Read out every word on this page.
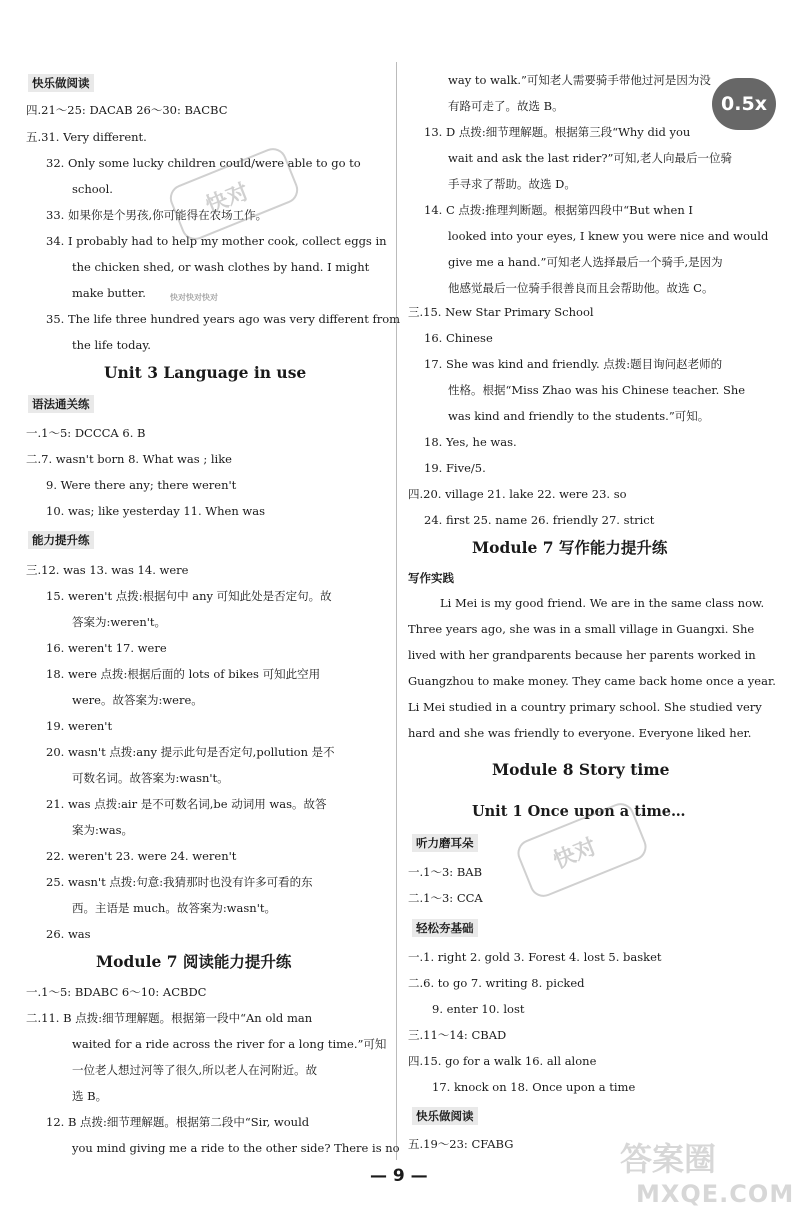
快乐做阅读
四.21～25: DACAB 26～30: BACBC
五.31. Very different.
32. Only some lucky children could/were able to go to
school.
33. 如果你是个男孩,你可能得在农场工作。
34. I probably had to help my mother cook, collect eggs in
the chicken shed, or wash clothes by hand. I might
make butter.
35. The life three hundred years ago was very different from
the life today.
Unit 3 Language in use
语法通关练
一.1～5: DCCCA 6. B
二.7. wasn't born 8. What was ; like
9. Were there any; there weren't
10. was; like yesterday 11. When was
能力提升练
三.12. was 13. was 14. were
15. weren't 点拨:根据句中 any 可知此处是否定句。故
答案为:weren't。
16. weren't 17. were
18. were 点拨:根据后面的 lots of bikes 可知此空用
were。故答案为:were。
19. weren't
20. wasn't 点拨:any 提示此句是否定句,pollution 是不
可数名词。故答案为:wasn't。
21. was 点拨:air 是不可数名词,be 动词用 was。故答
案为:was。
22. weren't 23. were 24. weren't
25. wasn't 点拨:句意:我猜那时也没有许多可看的东
西。主语是 much。故答案为:wasn't。
26. was
Module 7 阅读能力提升练
一.1～5: BDABC 6～10: ACBDC
二.11. B 点拨:细节理解题。根据第一段中“An old man
waited for a ride across the river for a long time.”可知
一位老人想过河等了很久,所以老人在河附近。故
选 B。
12. B 点拨:细节理解题。根据第二段中“Sir, would
you mind giving me a ride to the other side? There is no
way to walk.”可知老人需要骑手带他过河是因为没
有路可走了。故选 B。
13. D 点拨:细节理解题。根据第三段“Why did you
wait and ask the last rider?”可知,老人向最后一位骑
手寻求了帮助。故选 D。
14. C 点拨:推理判断题。根据第四段中“But when I
looked into your eyes, I knew you were nice and would
give me a hand.”可知老人选择最后一个骑手,是因为
他感觉最后一位骑手很善良而且会帮助他。故选 C。
三.15. New Star Primary School
16. Chinese
17. She was kind and friendly. 点拨:题目询问赵老师的
性格。根据“Miss Zhao was his Chinese teacher. She
was kind and friendly to the students.”可知。
18. Yes, he was.
19. Five/5.
四.20. village 21. lake 22. were 23. so
24. first 25. name 26. friendly 27. strict
Module 7 写作能力提升练
写作实践
Li Mei is my good friend. We are in the same class now.
Three years ago, she was in a small village in Guangxi. She
lived with her grandparents because her parents worked in
Guangzhou to make money. They came back home once a year.
Li Mei studied in a country primary school. She studied very
hard and she was friendly to everyone. Everyone liked her.
Module 8 Story time
Unit 1 Once upon a time…
听力磨耳朵
一.1～3: BAB
二.1～3: CCA
轻松夯基础
一.1. right 2. gold 3. Forest 4. lost 5. basket
二.6. to go 7. writing 8. picked
9. enter 10. lost
三.11～14: CBAD
四.15. go for a walk 16. all alone
17. knock on 18. Once upon a time
快乐做阅读
五.19～23: CFABG
— 9 —
0.5x
快对
快对快对快对
快对
答案圈
MXQE.COM
